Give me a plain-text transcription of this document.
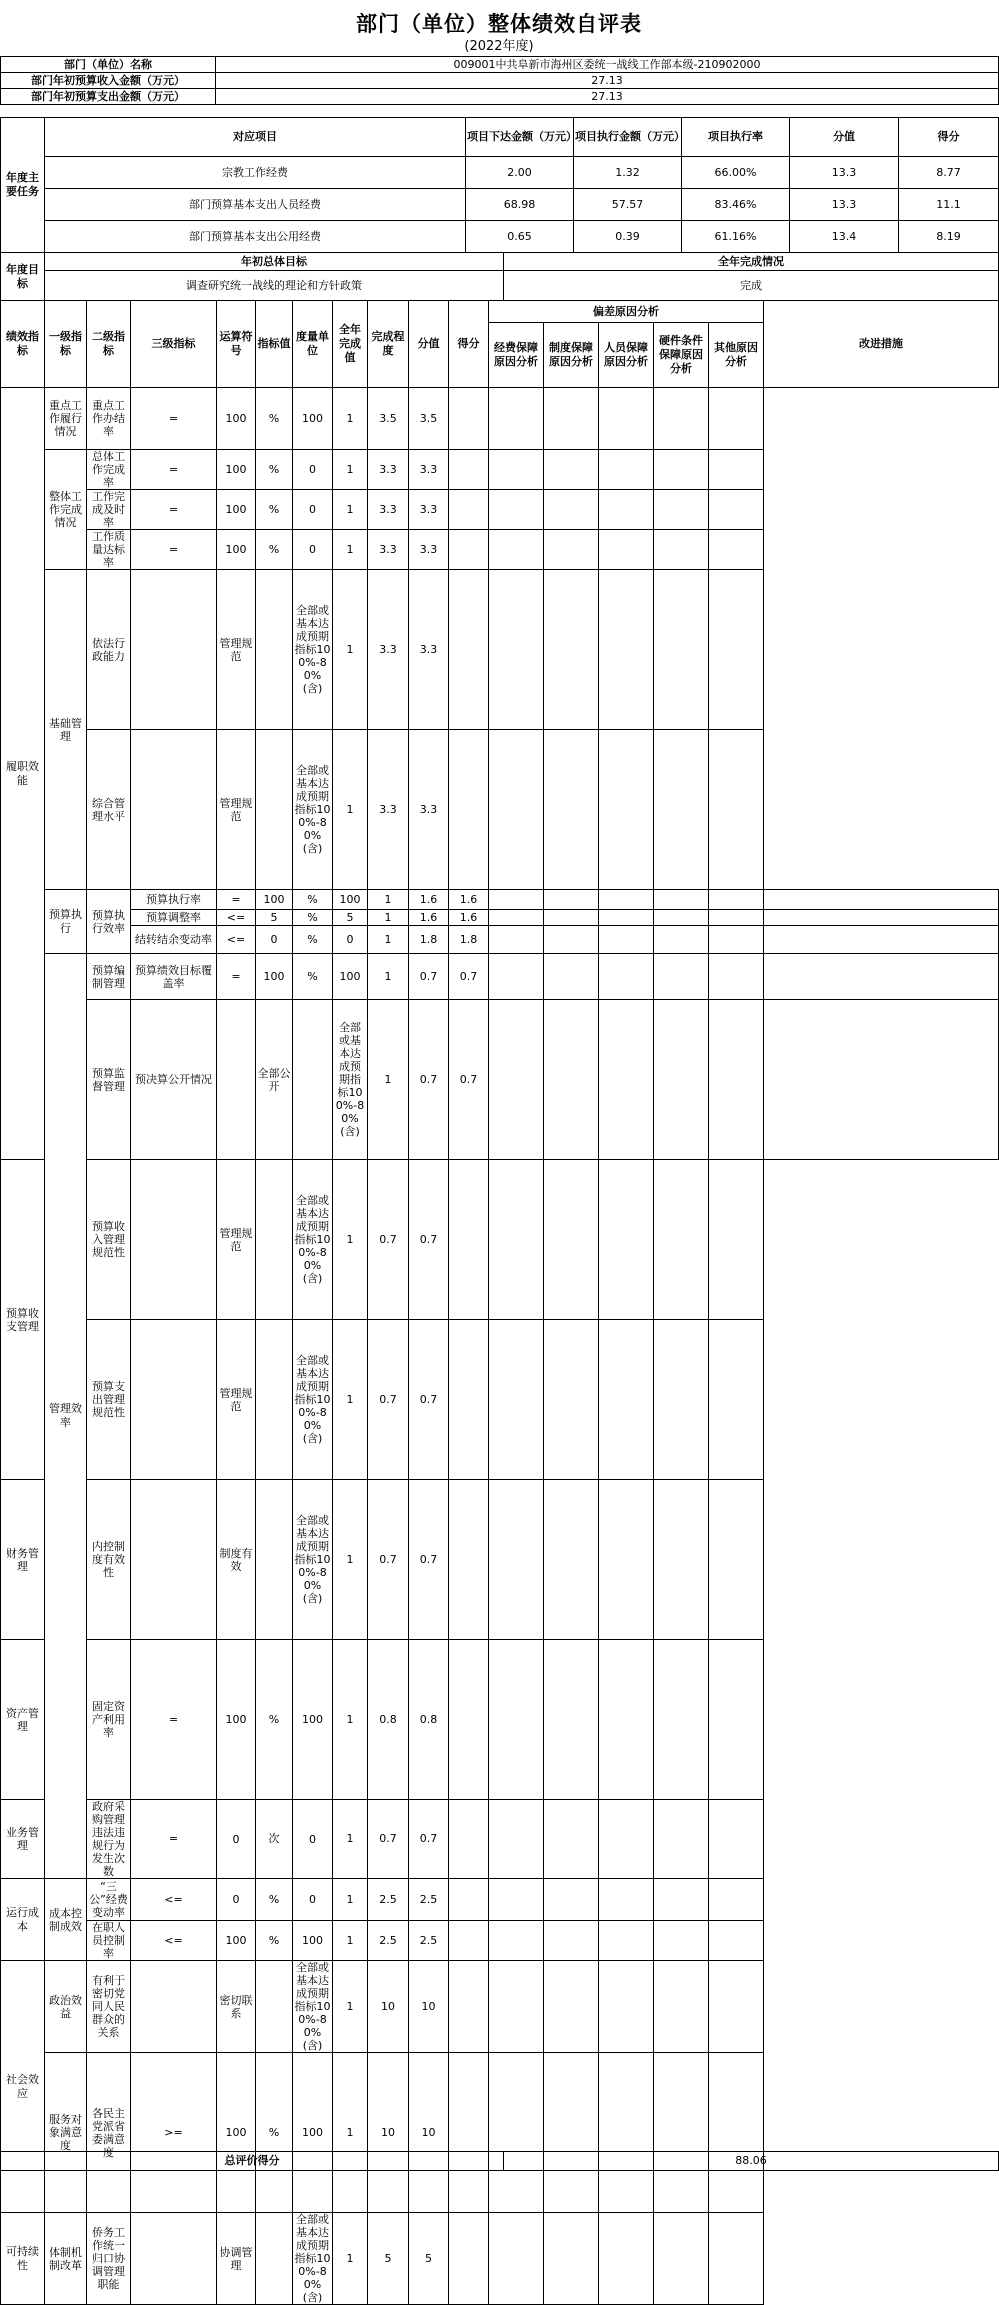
部门（单位）整体绩效自评表
(2022年度)
部门（单位）名称	009001中共阜新市海州区委统一战线工作部本级-210902000
部门年初预算收入金额（万元）	27.13
部门年初预算支出金额（万元）	27.13
年度主要任务	对应项目	项目下达金额（万元）	项目执行金额（万元）	项目执行率	分值	得分
	宗教工作经费	2.00	1.32	66.00%	13.3	8.77
	部门预算基本支出人员经费	68.98	57.57	83.46%	13.3	11.1
	部门预算基本支出公用经费	0.65	0.39	61.16%	13.4	8.19
年度目标	年初总体目标	全年完成情况
	调查研究统一战线的理论和方针政策	完成
绩效指标	一级指标	二级指标	三级指标	运算符号	指标值	度量单位	全年完成值	完成程度	分值	得分	偏差原因分析					改进措施
											经费保障原因分析	制度保障原因分析	人员保障原因分析	硬件条件保障原因分析	其他原因分析	
履职效能	重点工作履行情况	重点工作办结率	=	100	%	100	1	3.5	3.5							
	整体工作完成情况	总体工作完成率	=	100	%	0	1	3.3	3.3							
		工作完成及时率	=	100	%	0	1	3.3	3.3							
		工作质量达标率	=	100	%	0	1	3.3	3.3							
	基础管理	依法行政能力		管理规范		全部或基本达成预期指标100%-80%(含)	1	3.3	3.3							
		综合管理水平		管理规范		全部或基本达成预期指标100%-80%(含)	1	3.3	3.3							
	预算执行	预算执行效率	预算执行率	=	100	%	100	1	1.6	1.6						
			预算调整率	<=	5	%	5	1	1.6	1.6						
			结转结余变动率	<=	0	%	0	1	1.8	1.8						
	管理效率	预算编制管理	预算绩效目标覆盖率	=	100	%	100	1	0.7	0.7						
		预算监督管理	预决算公开情况		全部公开		全部或基本达成预期指标100%-80%(含)	1	0.7	0.7						
预算收支管理		预算收入管理规范性		管理规范		全部或基本达成预期指标100%-80%(含)	1	0.7	0.7							
		预算支出管理规范性		管理规范		全部或基本达成预期指标100%-80%(含)	1	0.7	0.7							
财务管理		内控制度有效性		制度有效		全部或基本达成预期指标100%-80%(含)	1	0.7	0.7							
资产管理		固定资产利用率	=	100	%	100	1	0.8	0.8							
业务管理		政府采购管理违法违规行为发生次数	=	0	次	0	1	0.7	0.7							
运行成本	成本控制成效	“三公”经费变动率	<=	0	%	0	1	2.5	2.5							
		在职人员控制率	<=	100	%	100	1	2.5	2.5							
社会效应	政治效益	有利于密切党同人民群众的关系		密切联系		全部或基本达成预期指标100%-80%(含)	1	10	10							
	服务对象满意度	各民主党派省委满意度	>=	100	%	100	1	10	10							
可持续性	体制机制改革	侨务工作统一归口协调管理职能		协调管理		全部或基本达成预期指标100%-80%(含)	1	5	5							
总评价得分	88.06
